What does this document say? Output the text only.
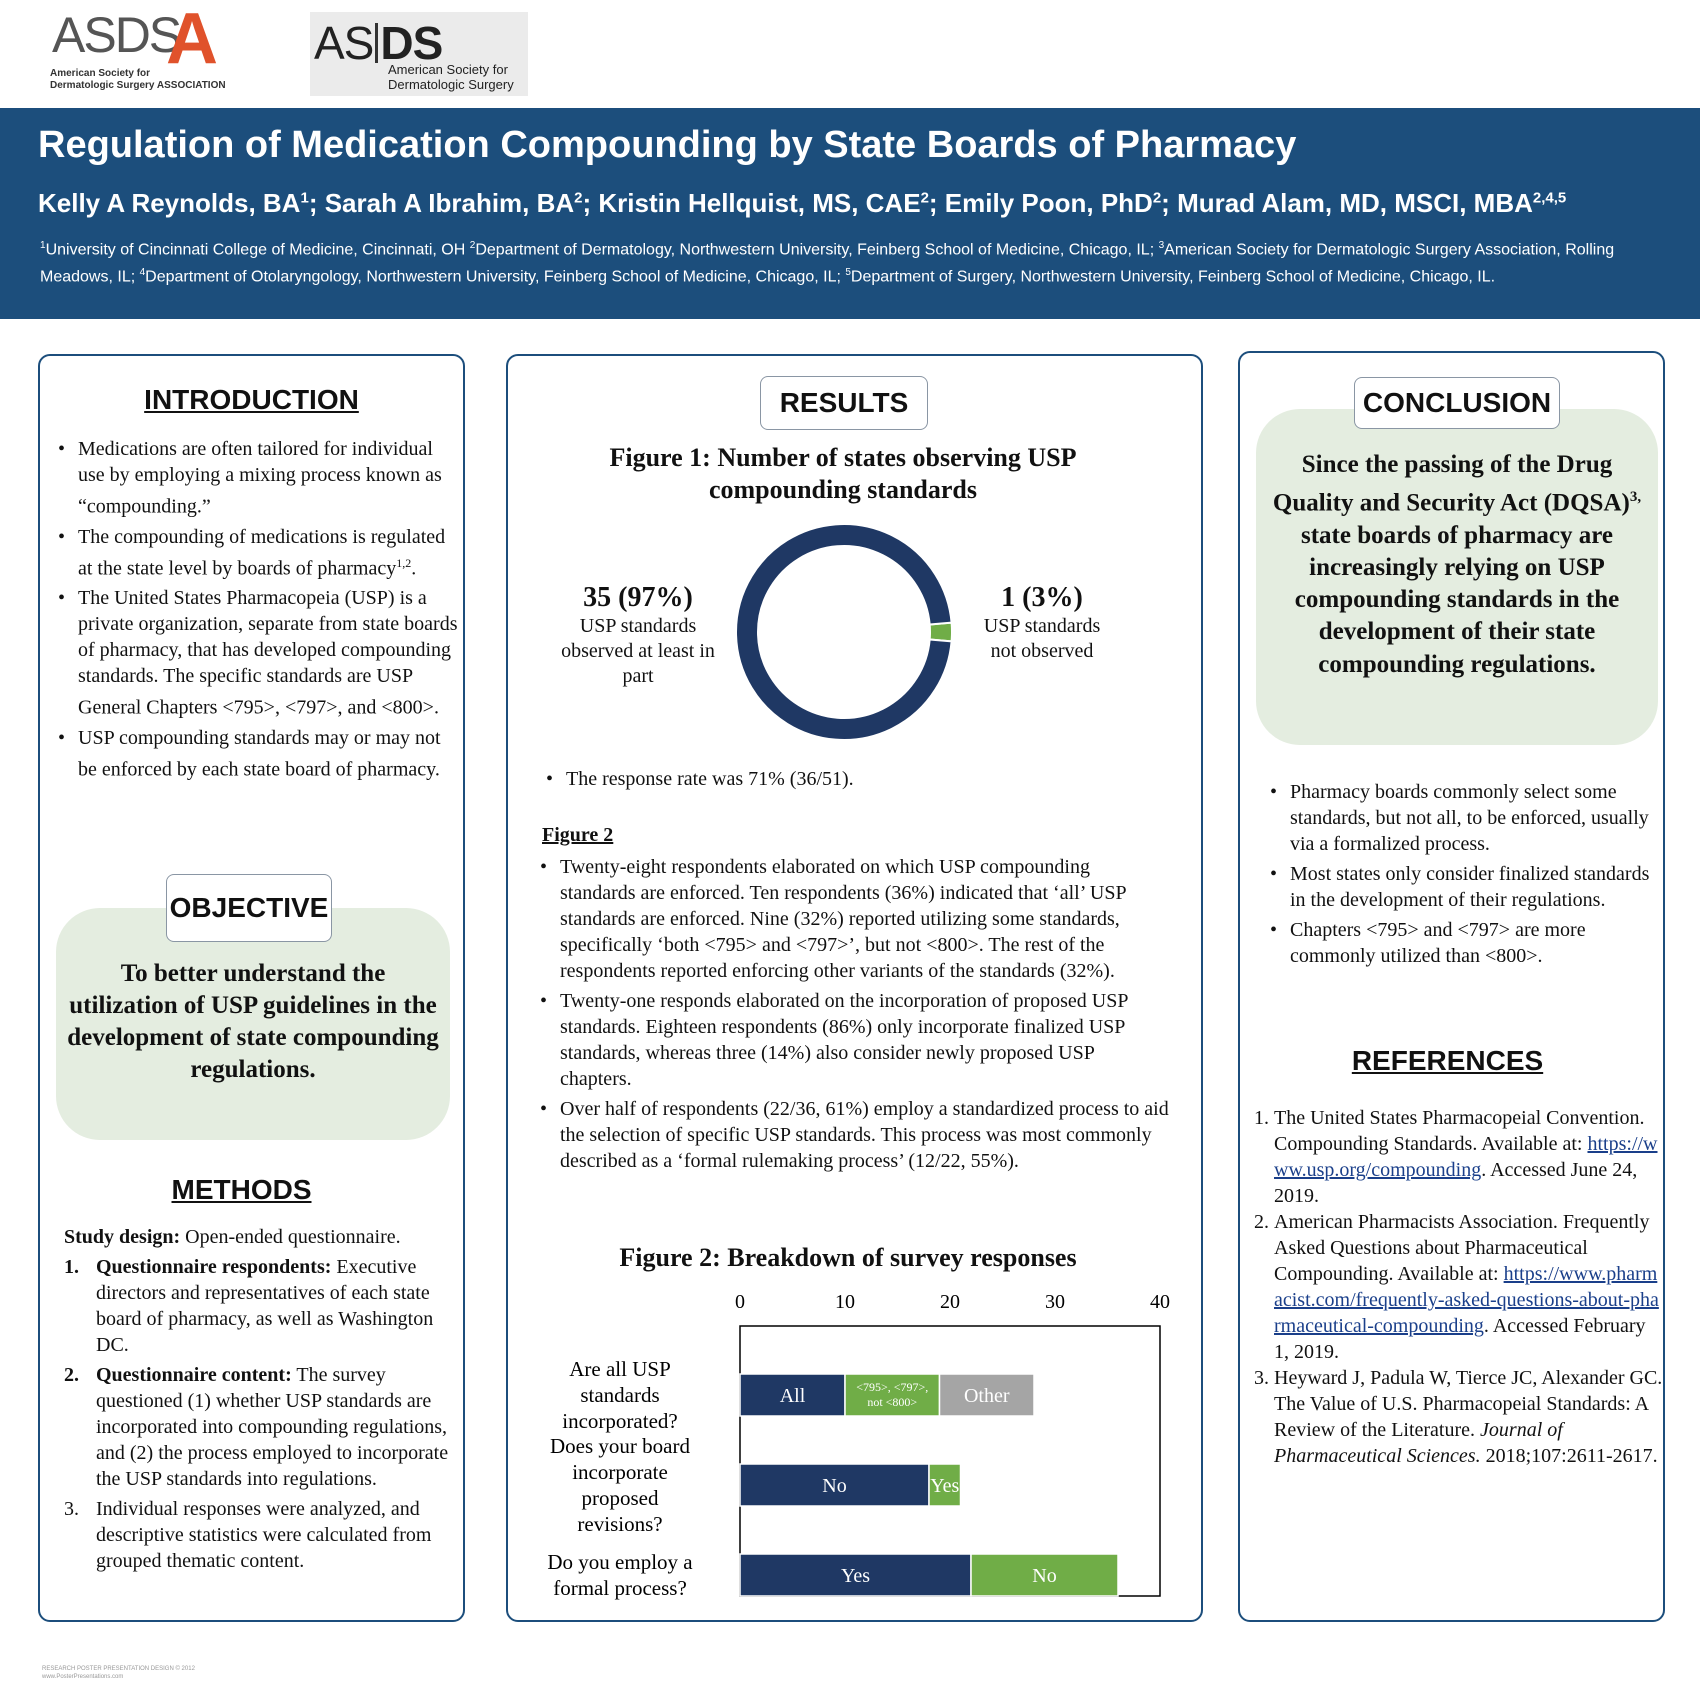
ASDS
A
American Society for
Dermatologic Surgery ASSOCIATION
AS DS
American Society for
Dermatologic Surgery
Regulation of Medication Compounding by State Boards of Pharmacy
Kelly A Reynolds, $BA^1$; Sarah A Ibrahim, $BA^2$; Kristin Hellquist, MS, CAE$^2$; Emily Poon, PhD$^2$; Murad Alam, MD, MSCI, MBA$^{2,4,5}$
$^1$University of Cincinnati College of Medicine, Cincinnati, OH $^2$Department of Dermatology, Northwestern University, Feinberg School of Medicine, Chicago, IL; $^3$American Society for Dermatologic Surgery Association, Rolling Meadows, IL; $^4$Department of Otolaryngology, Northwestern University, Feinberg School of Medicine, Chicago, IL; $^5$Department of Surgery, Northwestern University, Feinberg School of Medicine, Chicago, IL.
INTRODUCTION
• Medications are often tailored for individual use by employing a mixing process known as “compounding.”
• The compounding of medications is regulated at the state level by boards of pharmacy$^{1,2}$.
• The United States Pharmacopeia (USP) is a private organization, separate from state boards of pharmacy, that has developed compounding standards. The specific standards are USP General Chapters <795>, <797>, and <800>.
• USP compounding standards may or may not be enforced by each state board of pharmacy.
OBJECTIVE
To better understand the utilization of USP guidelines in the development of state compounding regulations.
METHODS
Study design: Open-ended questionnaire.
1. Questionnaire respondents: Executive directors and representatives of each state board of pharmacy, as well as Washington DC.
2. Questionnaire content: The survey questioned (1) whether USP standards are incorporated into compounding regulations, and (2) the process employed to incorporate the USP standards into regulations.
3. Individual responses were analyzed, and descriptive statistics were calculated from grouped thematic content.
RESULTS
Figure 1: Number of states observing USP compounding standards
35 (97%)
USP standards observed at least in part
1 (3%)
USP standards not observed
• The response rate was 71% (36/51).
Figure 2
• Twenty-eight respondents elaborated on which USP compounding standards are enforced. Ten respondents (36%) indicated that ‘all’ USP standards are enforced. Nine (32%) reported utilizing some standards, specifically ‘both <795> and <797>’, but not <800>. The rest of the respondents reported enforcing other variants of the standards (32%).
• Twenty-one responds elaborated on the incorporation of proposed USP standards. Eighteen respondents (86%) only incorporate finalized USP standards, whereas three (14%) also consider newly proposed USP chapters.
• Over half of respondents (22/36, 61%) employ a standardized process to aid the selection of specific USP standards. This process was most commonly described as a ‘formal rulemaking process’ (12/22, 55%).
Figure 2: Breakdown of survey responses
0	10	20	30	40
Are all USP
standards
incorporated?
All	<795>, <797>,
not <800> Other
Does your board
incorporate
proposed
revisions?
No	Yes
Do you employ a
formal process?	Yes	No
CONCLUSION
Since the passing of the Drug Quality and Security Act (DQSA)$^{3,}$ state boards of pharmacy are increasingly relying on USP compounding standards in the development of their state compounding regulations.
• Pharmacy boards commonly select some standards, but not all, to be enforced, usually via a formalized process.
• Most states only consider finalized standards in the development of their regulations.
• Chapters <795> and <797> are more commonly utilized than <800>.
REFERENCES
1. The United States Pharmacopeial Convention. Compounding Standards. Available at: https://www.usp.org/compounding. Accessed June 24, 2019.
2. American Pharmacists Association. Frequently Asked Questions about Pharmaceutical Compounding. Available at: https://www.pharmacist.com/frequently-asked-questions-about-pharmaceutical-compounding. Accessed February 1, 2019.
3. Heyward J, Padula W, Tierce JC, Alexander GC. The Value of U.S. Pharmacopeial Standards: A Review of the Literature. Journal of Pharmaceutical Sciences. 2018;107:2611-2617.
RESEARCH POSTER PRESENTATION DESIGN © 2012
www.PosterPresentations.com
